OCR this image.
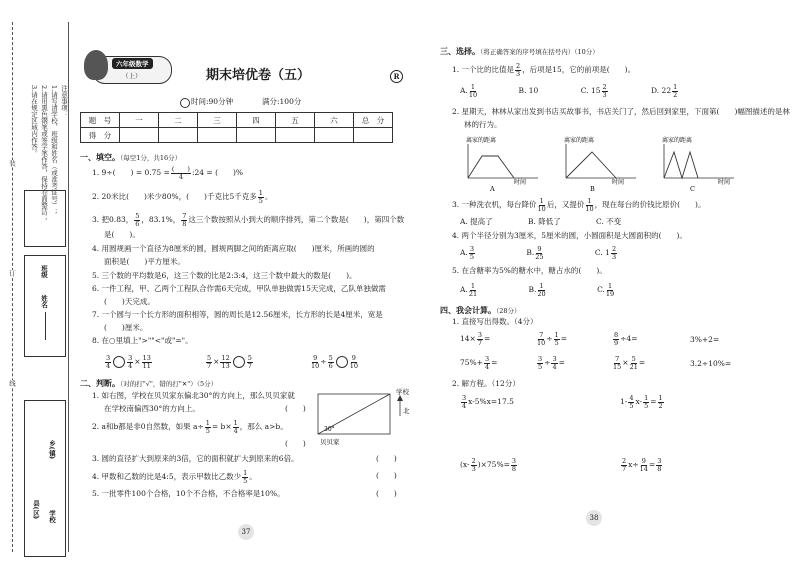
注意事项：
1.请写清学校、班级和姓名（或准考证号）；
2.请用黑色钢笔或签字笔作答，保持卷面整洁；
3.请在规定区域内作答。
姓名
班级
学校
乡(镇)
县(区)
装
订
线
六年级数学
（上）	期末培优卷（五）	R
时间:90分钟	满分:100分
题　号	一	二	三	四	五	六	总　分
得　分							
一、填空。（每空1分，共16分）
1. 9÷(　　) = $0.75 = \frac{( )}{4}$ :24 = (　　)%
2. 20米比(　　)米少80%，(　　)千克比5千克多 $\frac{1}{5}$ 。
3. 把0.83， $\frac{5}{6}$ ，83.1%， $\frac{7}{8}$ 这三个数按照从小到大的顺序排列，第二个数是(　　)，第四个数
是(　　)。
4. 用圆规画一个直径为8厘米的圆，圆规两脚之间的距离应取(　　)厘米，所画的圆的
面积是(　　)平方厘米。
5. 三个数的平均数是6，这三个数的比是2:3:4，这三个数中最大的数是(　　)。
6. 一件工程，甲、乙两个工程队合作需6天完成，甲队单独做需15天完成，乙队单独做需
(　　)天完成。
7. 一个圆与一个长方形的面积相等，圆的周长是12.56厘米，长方形的长是4厘米，宽是
(　　)厘米。
8. 在○里填上">""<"或"="。
$\frac{3}{4} \frac{3}{4} \times \frac{13}{11}$	$\frac{5}{7} \times \frac{12}{13} \frac{5}{7}$	$\frac{9}{10} \div \frac{5}{6} \frac{9}{10}$
二、判断。（对的打"√"，错的打"✕"）（5分）
1. 如右图，学校在贝贝家东偏北30°的方向上，那么贝贝家就
在学校南偏西30°的方向上。	(　　)
2. a和b都是非0自然数，如果 $a\div \frac{1}{5} = b\times \frac{1}{4}$ ，那么 a>b。
(　　)
3. 圆的直径扩大到原来的3倍，它的面积就扩大到原来的6倍。	(　　)
4. 甲数和乙数的比是4:5，表示甲数比乙数少 $\frac{1}{5}$ 。	(　　)
5. 一批零件100个合格，10个不合格，不合格率是10%。	(　　)
学校
北
贝贝家
30°
37
三、选择。（将正确答案的序号填在括号内）（10分）
1. 一个比的比值是 $\frac{2}{3}$ ，后项是15，它的前项是(　　)。
A. $\frac{1}{10}$	B. 10	C. $15 \frac{2}{3}$	D. $22 \frac{1}{2}$
2. 星期天，林林从家出发到书店买故事书，书店关门了，然后回到家里，下面第(　　)幅图描述的是林
林的行为。
离家的距离
时间
A
离家的距离
时间
B
离家的距离
时间
C
3. 一种洗衣机，每台降价 $\frac{1}{10}$ 后，又提价 $\frac{1}{10}$ ，现在每台的价钱比原价(　　)。
A. 提高了	B. 降低了	C. 不变
4. 两个半径分别为3厘米，5厘米的圆，小圆面积是大圆面积的(　　)。
A. $\frac{3}{5}$	B. $\frac{9}{25}$	C. $1 \frac{2}{3}$
5. 在含糖率为5%的糖水中，糖占水的(　　)。
A. $\frac{1}{21}$	B. $\frac{1}{20}$	C. $\frac{1}{19}$
四、我会计算。（28分）
1. 直接写出得数。（4分）
$14\times \frac{3}{7}$ =	$\frac{7}{10} \div \frac{1}{5}$ =	$\frac{8}{9} \div 4=$	3%+2=
$75\%+ \frac{3}{4}$ =	$\frac{3}{5} \div \frac{3}{4}$ =	$\frac{7}{15} \times \frac{5}{21}$ =	3.2÷10%=
2. 解方程。（12分）
$\frac{3}{4} x-5\%x=17.5$	$1- \frac{4}{5} x- \frac{1}{5} = \frac{1}{2}$
$(x- \frac{2}{3} )\times 75\%= \frac{3}{8}$	$\frac{2}{7} x\div \frac{9}{14} = \frac{3}{8}$
38
